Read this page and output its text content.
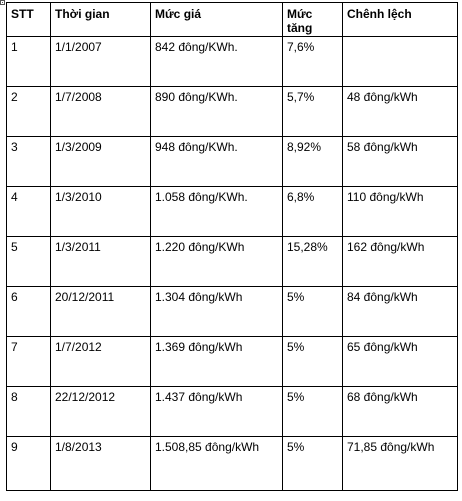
STT	Thời gian	Mức giá	Mức tăng	Chênh lệch
1	1/1/2007	842 đông/KWh.	7,6%	
2	1/7/2008	890 đông/KWh.	5,7%	48 đông/kWh
3	1/3/2009	948 đông/KWh.	8,92%	58 đông/kWh
4	1/3/2010	1.058 đông/KWh.	6,8%	110 đông/kWh
5	1/3/2011	1.220 đông/KWh	15,28%	162 đông/kWh
6	20/12/2011	1.304 đông/kWh	5%	84 đông/kWh
7	1/7/2012	1.369 đông/kWh	5%	65 đông/kWh
8	22/12/2012	1.437 đông/kWh	5%	68 đông/kWh
9	1/8/2013	1.508,85 đông/kWh	5%	71,85 đông/kWh
